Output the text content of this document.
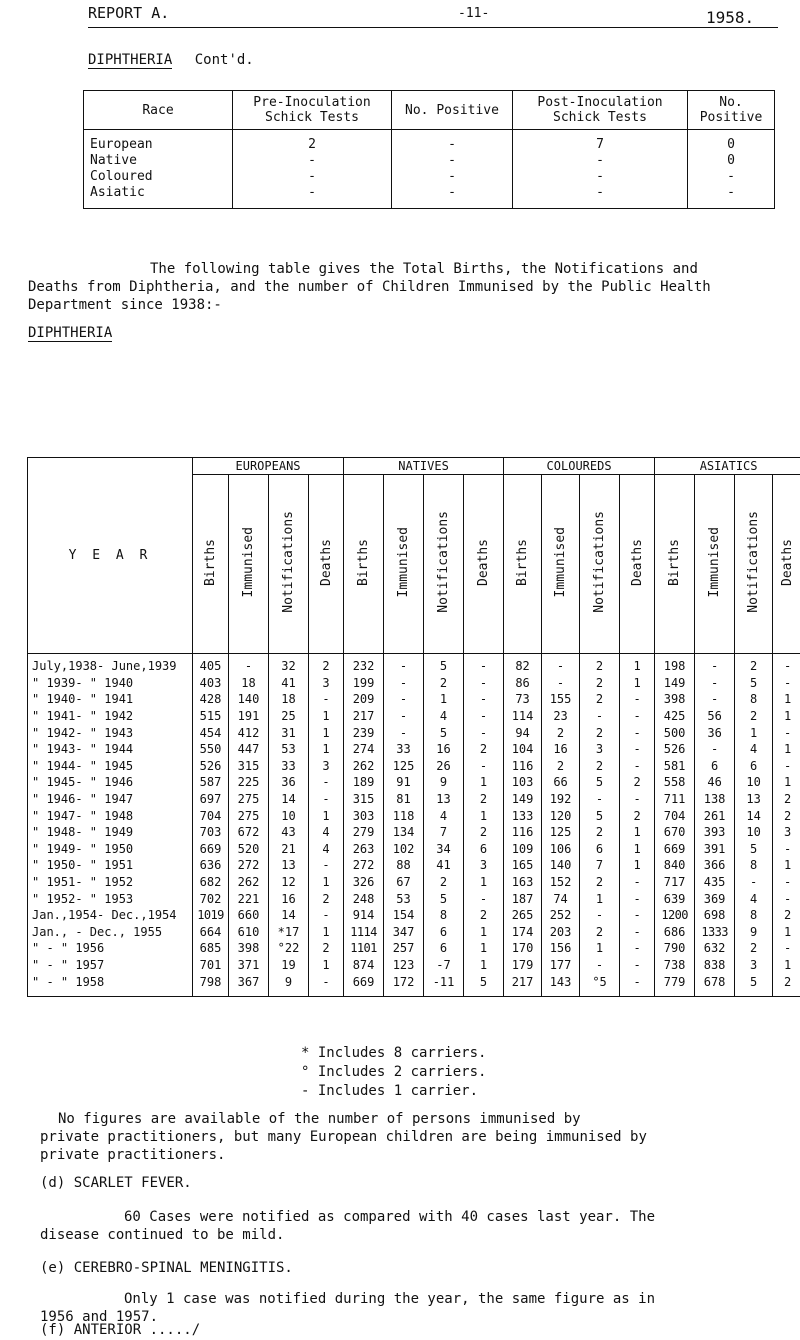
REPORT A.	-11-	1958.
DIPHTHERIA Cont'd.
Race	Pre-Inoculation Schick Tests	No. Positive	Post-Inoculation Schick Tests	No. Positive
European	2	-	7	0
Native	-	-	-	0
Coloured	-	-	-	-
Asiatic	-	-	-	-
The following table gives the Total Births, the Notifications and
Deaths from Diphtheria, and the number of Children Immunised by the Public Health
Department since 1938:-
DIPHTHERIA
Y E A R	EUROPEANS				NATIVES				COLOUREDS				ASIATICS			
	Births	Immunised	Notifications	Deaths	Births	Immunised	Notifications	Deaths	Births	Immunised	Notifications	Deaths	Births	Immunised	Notifications	Deaths
July,1938- June,1939	405	-	32	2	232	-	5	-	82	-	2	1	198	-	2	-
" 1939- " 1940	403	18	41	3	199	-	2	-	86	-	2	1	149	-	5	-
" 1940- " 1941	428	140	18	-	209	-	1	-	73	155	2	-	398	-	8	1
" 1941- " 1942	515	191	25	1	217	-	4	-	114	23	-	-	425	56	2	1
" 1942- " 1943	454	412	31	1	239	-	5	-	94	2	2	-	500	36	1	-
" 1943- " 1944	550	447	53	1	274	33	16	2	104	16	3	-	526	-	4	1
" 1944- " 1945	526	315	33	3	262	125	26	-	116	2	2	-	581	6	6	-
" 1945- " 1946	587	225	36	-	189	91	9	1	103	66	5	2	558	46	10	1
" 1946- " 1947	697	275	14	-	315	81	13	2	149	192	-	-	711	138	13	2
" 1947- " 1948	704	275	10	1	303	118	4	1	133	120	5	2	704	261	14	2
" 1948- " 1949	703	672	43	4	279	134	7	2	116	125	2	1	670	393	10	3
" 1949- " 1950	669	520	21	4	263	102	34	6	109	106	6	1	669	391	5	-
" 1950- " 1951	636	272	13	-	272	88	41	3	165	140	7	1	840	366	8	1
" 1951- " 1952	682	262	12	1	326	67	2	1	163	152	2	-	717	435	-	-
" 1952- " 1953	702	221	16	2	248	53	5	-	187	74	1	-	639	369	4	-
Jan.,1954- Dec.,1954	1019	660	14	-	914	154	8	2	265	252	-	-	1200	698	8	2
Jan., - Dec., 1955	664	610	*17	1	1114	347	6	1	174	203	2	-	686	1333	9	1
" - " 1956	685	398	°22	2	1101	257	6	1	170	156	1	-	790	632	2	-
" - " 1957	701	371	19	1	874	123	-7	1	179	177	-	-	738	838	3	1
" - " 1958	798	367	9	-	669	172	-11	5	217	143	°5	-	779	678	5	2
* Includes 8 carriers.
° Includes 2 carriers.
- Includes 1 carrier.
No figures are available of the number of persons immunised by
private practitioners, but many European children are being immunised by
private practitioners.
(d) SCARLET FEVER.
60 Cases were notified as compared with 40 cases last year. The
disease continued to be mild.
(e) CEREBRO-SPINAL MENINGITIS.
Only 1 case was notified during the year, the same figure as in
1956 and 1957.
(f) ANTERIOR ...../
